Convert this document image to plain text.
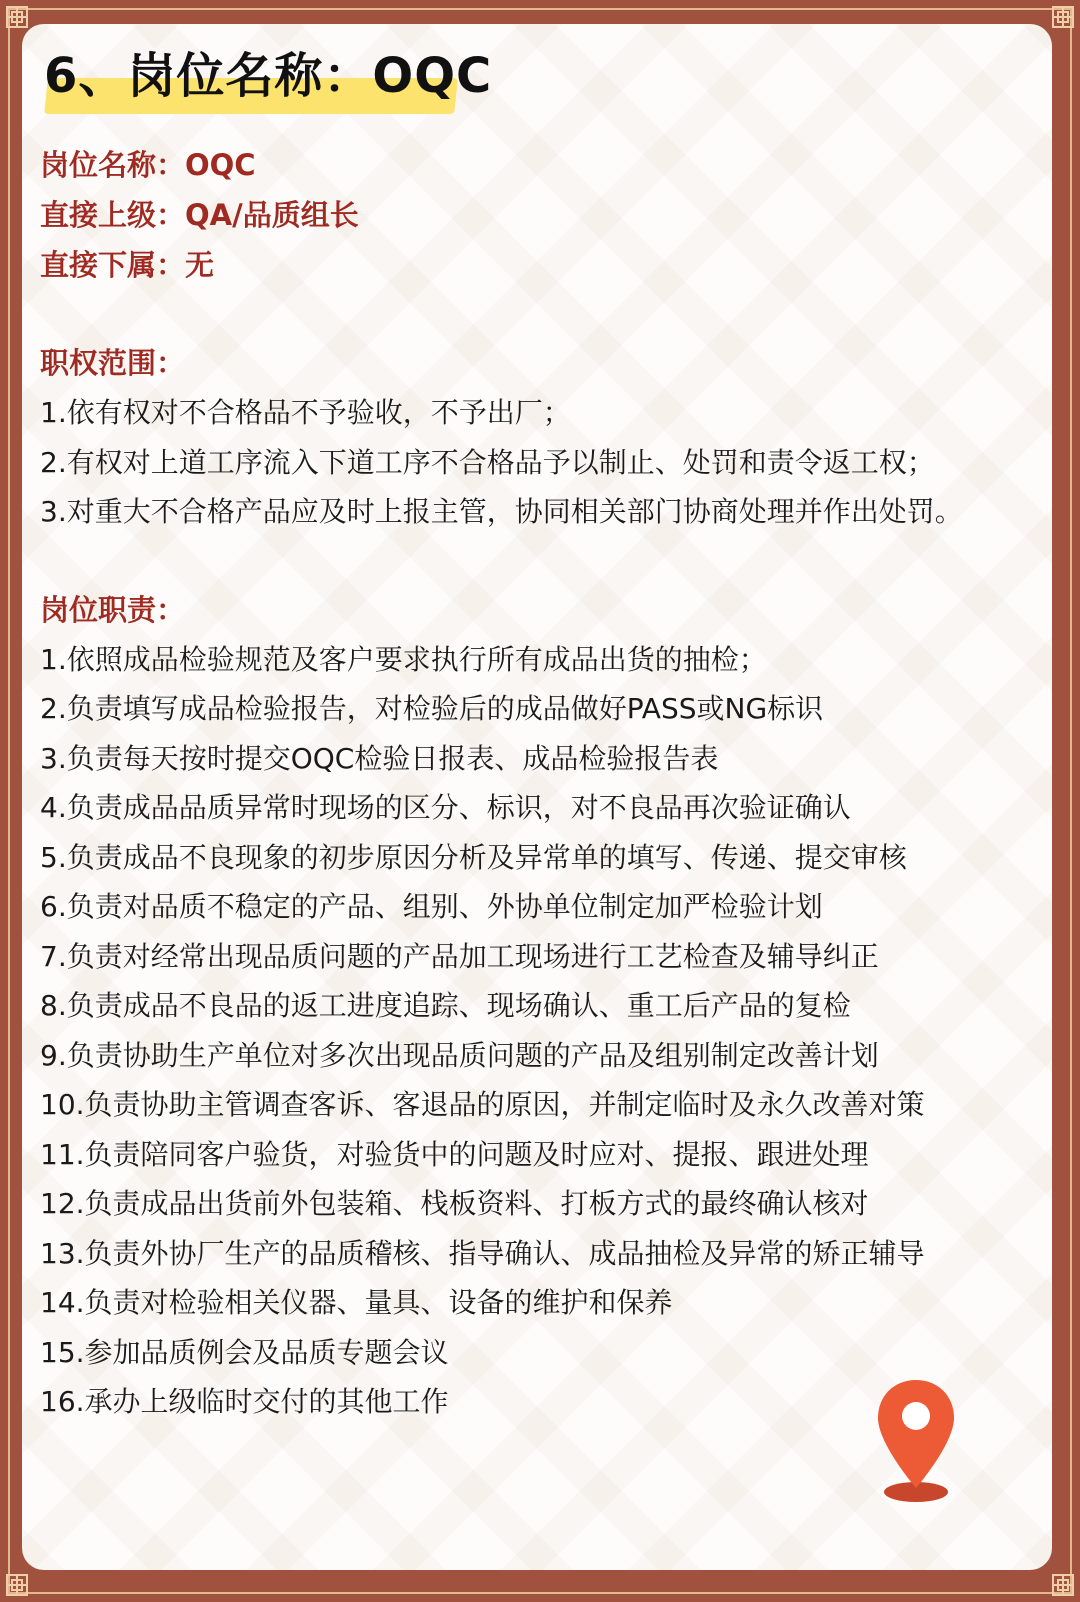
6、岗位名称：OQC

岗位名称：OQC

直接上级：QA/品质组长

直接下属：无

职权范围：

1.依有权对不合格品不予验收，不予出厂；

2.有权对上道工序流入下道工序不合格品予以制止、处罚和责令返工权；

3.对重大不合格产品应及时上报主管，协同相关部门协商处理并作出处罚。

岗位职责：

1.依照成品检验规范及客户要求执行所有成品出货的抽检；

2.负责填写成品检验报告，对检验后的成品做好PASS或NG标识

3.负责每天按时提交OQC检验日报表、成品检验报告表

4.负责成品品质异常时现场的区分、标识，对不良品再次验证确认

5.负责成品不良现象的初步原因分析及异常单的填写、传递、提交审核

6.负责对品质不稳定的产品、组别、外协单位制定加严检验计划

7.负责对经常出现品质问题的产品加工现场进行工艺检查及辅导纠正

8.负责成品不良品的返工进度追踪、现场确认、重工后产品的复检

9.负责协助生产单位对多次出现品质问题的产品及组别制定改善计划

10.负责协助主管调查客诉、客退品的原因，并制定临时及永久改善对策

11.负责陪同客户验货，对验货中的问题及时应对、提报、跟进处理

12.负责成品出货前外包装箱、栈板资料、打板方式的最终确认核对

13.负责外协厂生产的品质稽核、指导确认、成品抽检及异常的矫正辅导

14.负责对检验相关仪器、量具、设备的维护和保养

15.参加品质例会及品质专题会议

16.承办上级临时交付的其他工作
